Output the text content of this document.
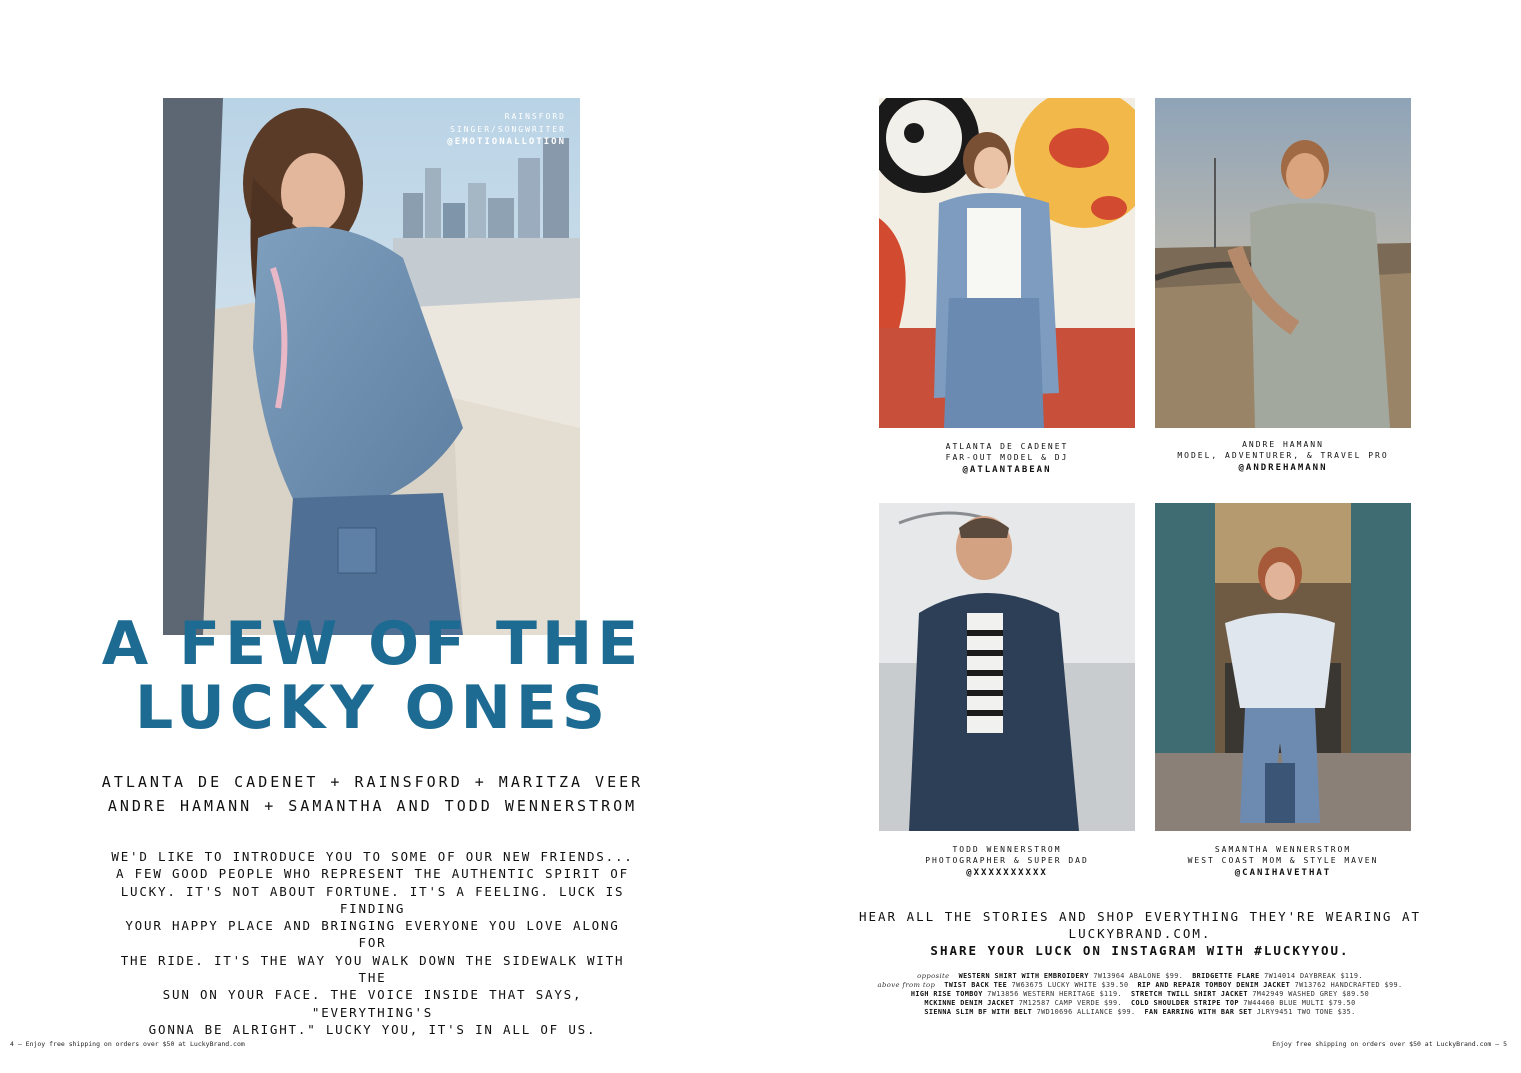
RAINSFORD
SINGER/SONGWRITER
@EMOTIONALLOTION
A FEW OF THE
LUCKY ONES
ATLANTA DE CADENET + RAINSFORD + MARITZA VEER
ANDRE HAMANN + SAMANTHA AND TODD WENNERSTROM
WE'D LIKE TO INTRODUCE YOU TO SOME OF OUR NEW FRIENDS...
A FEW GOOD PEOPLE WHO REPRESENT THE AUTHENTIC SPIRIT OF
LUCKY. IT'S NOT ABOUT FORTUNE. IT'S A FEELING. LUCK IS FINDING
YOUR HAPPY PLACE AND BRINGING EVERYONE YOU LOVE ALONG FOR
THE RIDE. IT'S THE WAY YOU WALK DOWN THE SIDEWALK WITH THE
SUN ON YOUR FACE. THE VOICE INSIDE THAT SAYS, "EVERYTHING'S
GONNA BE ALRIGHT." LUCKY YOU, IT'S IN ALL OF US.
4 — Enjoy free shipping on orders over $50 at LuckyBrand.com
ATLANTA DE CADENET
FAR-OUT MODEL & DJ
@ATLANTABEAN
ANDRE HAMANN
MODEL, ADVENTURER, & TRAVEL PRO
@ANDREHAMANN
TODD WENNERSTROM
PHOTOGRAPHER & SUPER DAD
@XXXXXXXXXX
SAMANTHA WENNERSTROM
WEST COAST MOM & STYLE MAVEN
@CANIHAVETHAT
HEAR ALL THE STORIES AND SHOP EVERYTHING THEY'RE WEARING AT LUCKYBRAND.COM.
SHARE YOUR LUCK ON INSTAGRAM WITH #LUCKYYOU.
opposite WESTERN SHIRT WITH EMBROIDERY 7W13964 ABALONE $99. BRIDGETTE FLARE 7W14014 DAYBREAK $119.
above from top TWIST BACK TEE 7W63675 LUCKY WHITE $39.50 RIP AND REPAIR TOMBOY DENIM JACKET 7W13762 HANDCRAFTED $99.
HIGH RISE TOMBOY 7W13856 WESTERN HERITAGE $119. STRETCH TWILL SHIRT JACKET 7M42949 WASHED GREY $89.50
MCKINNE DENIM JACKET 7M12587 CAMP VERDE $99. COLD SHOULDER STRIPE TOP 7W44460 BLUE MULTI $79.50
SIENNA SLIM BF WITH BELT 7WD10696 ALLIANCE $99. FAN EARRING WITH BAR SET JLRY9451 TWO TONE $35.
Enjoy free shipping on orders over $50 at LuckyBrand.com — 5
